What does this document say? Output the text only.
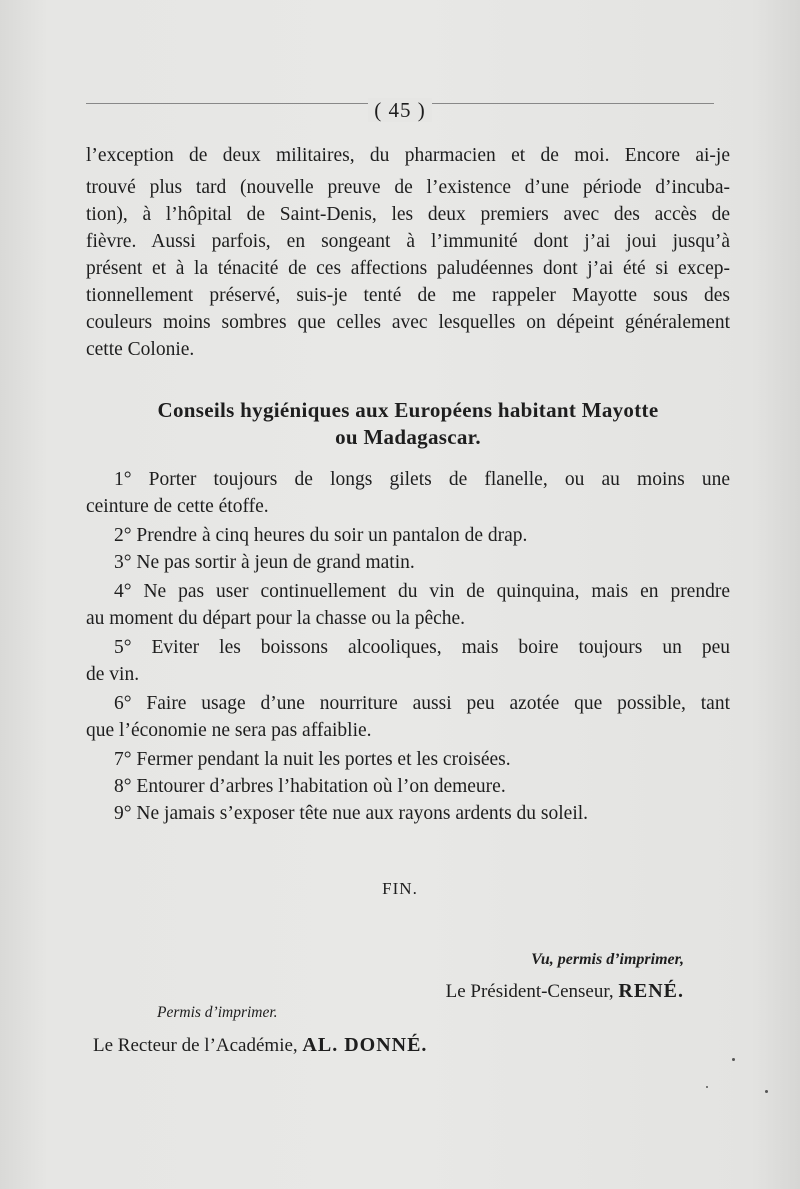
( 45 )
l’exception de deux militaires, du pharmacien et de moi. Encore ai-je
trouvé plus tard (nouvelle preuve de l’existence d’une période d’incuba-
tion), à l’hôpital de Saint-Denis, les deux premiers avec des accès de
fièvre. Aussi parfois, en songeant à l’immunité dont j’ai joui jusqu’à
présent et à la ténacité de ces affections paludéennes dont j’ai été si excep-
tionnellement préservé, suis-je tenté de me rappeler Mayotte sous des
couleurs moins sombres que celles avec lesquelles on dépeint généralement
cette Colonie.
Conseils hygiéniques aux Européens habitant Mayotte
ou Madagascar.
1° Porter toujours de longs gilets de flanelle, ou au moins une
ceinture de cette étoffe.
2° Prendre à cinq heures du soir un pantalon de drap.
3° Ne pas sortir à jeun de grand matin.
4° Ne pas user continuellement du vin de quinquina, mais en prendre
au moment du départ pour la chasse ou la pêche.
5° Eviter les boissons alcooliques, mais boire toujours un peu
de vin.
6° Faire usage d’une nourriture aussi peu azotée que possible, tant
que l’économie ne sera pas affaiblie.
7° Fermer pendant la nuit les portes et les croisées.
8° Entourer d’arbres l’habitation où l’on demeure.
9° Ne jamais s’exposer tête nue aux rayons ardents du soleil.
FIN.
Vu, permis d’imprimer,
Le Président-Censeur, RENÉ.
Permis d’imprimer.
Le Recteur de l’Académie, AL. DONNÉ.
